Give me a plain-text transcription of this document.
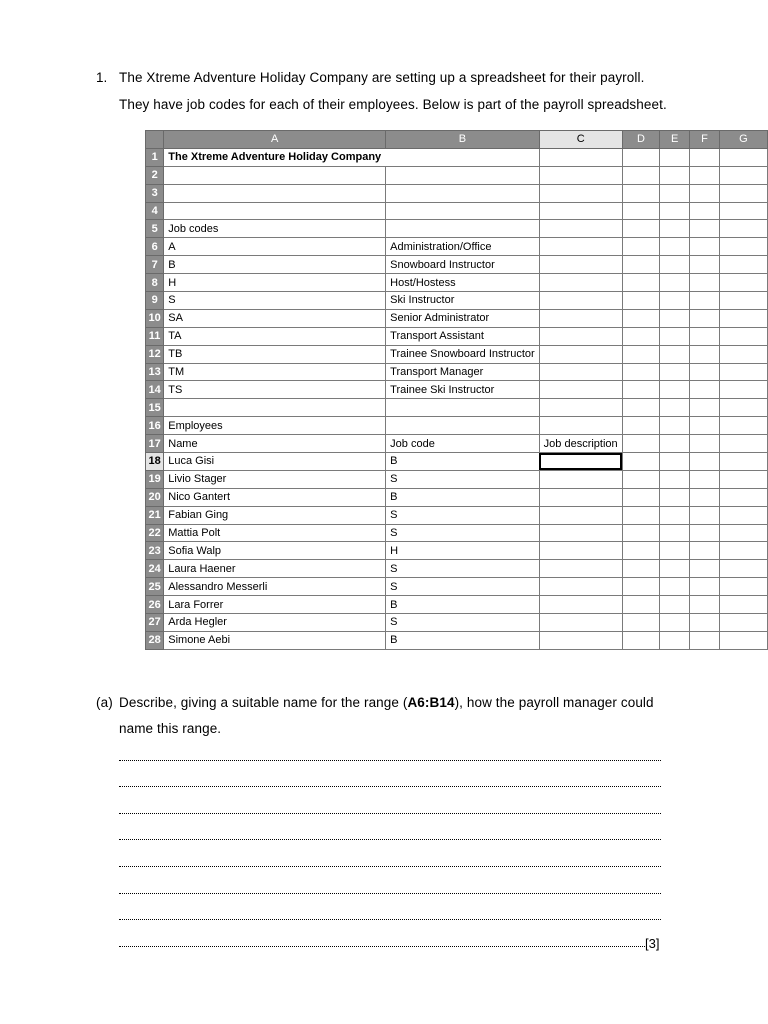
1. The Xtreme Adventure Holiday Company are setting up a spreadsheet for their payroll.
They have job codes for each of their employees. Below is part of the payroll spreadsheet.
	A	B	C	D	E	F	G
1	The Xtreme Adventure Holiday Company						
2							
3							
4							
5	Job codes						
6	A	Administration/Office					
7	B	Snowboard Instructor					
8	H	Host/Hostess					
9	S	Ski Instructor					
10	SA	Senior Administrator					
11	TA	Transport Assistant					
12	TB	Trainee Snowboard Instructor					
13	TM	Transport Manager					
14	TS	Trainee Ski Instructor					
15							
16	Employees						
17	Name	Job code	Job description				
18	Luca Gisi	B					
19	Livio Stager	S					
20	Nico Gantert	B					
21	Fabian Ging	S					
22	Mattia Polt	S					
23	Sofia Walp	H					
24	Laura Haener	S					
25	Alessandro Messerli	S					
26	Lara Forrer	B					
27	Arda Hegler	S					
28	Simone Aebi	B					
(a) Describe, giving a suitable name for the range (A6:B14), how the payroll manager could
name this range.
[3]
